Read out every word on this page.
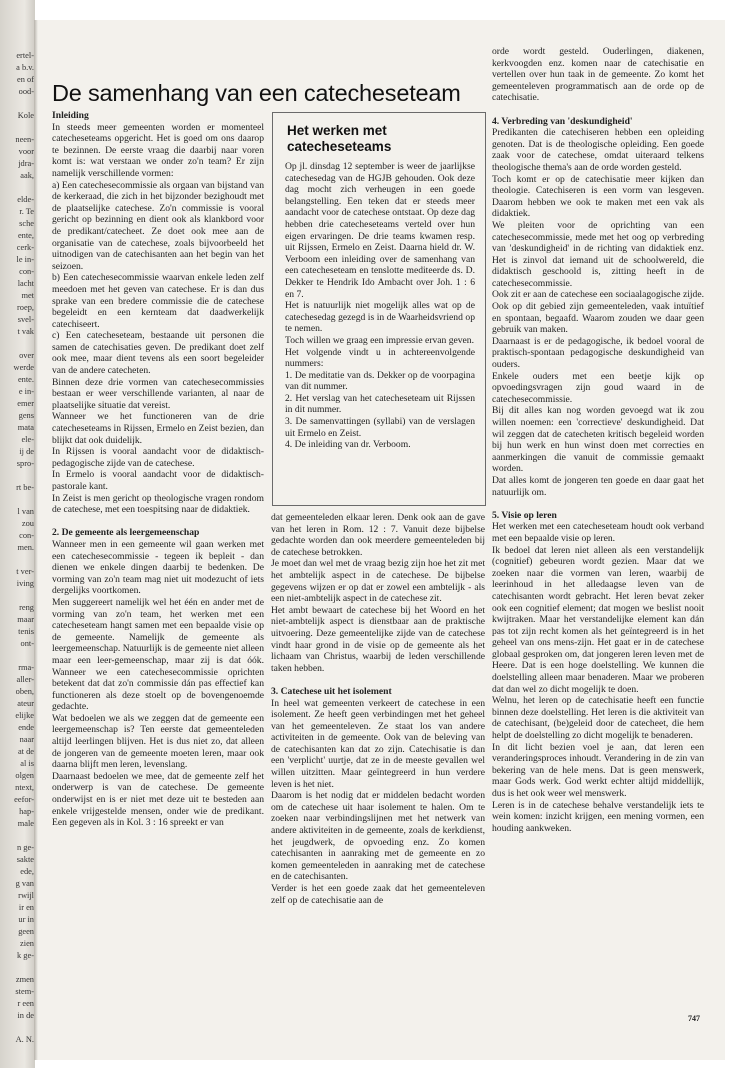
ertel-
a b.v.
en of
ood-
Kole
neen-
voor
jdra-
aak,
elde-
r. Te
sche
ente,
cerk-
le in-
con-
lacht
met
roep,
svel-
t vak
over
werde
ente.
e in-
emer
gens
mata
ele-
ij de
spro-
rt be-
l van
zou
con-
men.
t ver-
iving
reng
maar
tenis
ont-
rma-
aller-
oben,
ateur
elijke
ende
naar
at de
al is
olgen
ntext,
eefor-
hap-
male
n ge-
sakte
ede,
g van
rwijl
ir en
ur in
geen
zien
k ge-
zmen
stem-
r een
in de
A. N.
De samenhang van een catecheseteam
Inleiding

In steeds meer gemeenten worden er momenteel catecheseteams opgericht. Het is goed om ons daarop te bezinnen. De eerste vraag die daarbij naar voren komt is: wat verstaan we onder zo'n team? Er zijn namelijk verschillende vormen:

a) Een catechesecommissie als orgaan van bijstand van de kerkeraad, die zich in het bijzonder bezighoudt met de plaatselijke catechese. Zo'n commissie is vooral gericht op bezinning en dient ook als klankbord voor de predikant/catecheet. Ze doet ook mee aan de organisatie van de catechese, zoals bijvoorbeeld het uitnodigen van de catechisanten aan het begin van het seizoen.

b) Een catechesecommissie waarvan enkele leden zelf meedoen met het geven van catechese. Er is dan dus sprake van een bredere commissie die de catechese begeleidt en een kernteam dat daadwerkelijk catechiseert.

c) Een catecheseteam, bestaande uit personen die samen de catechisaties geven. De predikant doet zelf ook mee, maar dient tevens als een soort begeleider van de andere catecheten.

Binnen deze drie vormen van catechesecommissies bestaan er weer verschillende varianten, al naar de plaatselijke situatie dat vereist.

Wanneer we het functioneren van de drie catecheseteams in Rijssen, Ermelo en Zeist bezien, dan blijkt dat ook duidelijk.

In Rijssen is vooral aandacht voor de didaktisch-pedagogische zijde van de catechese.

In Ermelo is vooral aandacht voor de didaktisch-pastorale kant.

In Zeist is men gericht op theologische vragen rondom de catechese, met een toespitsing naar de didaktiek.

2. De gemeente als leergemeenschap

Wanneer men in een gemeente wil gaan werken met een catechesecommissie - tegeen ik bepleit - dan dienen we enkele dingen daarbij te bedenken. De vorming van zo'n team mag niet uit modezucht of iets dergelijks voortkomen.

Men suggereert namelijk wel het één en ander met de vorming van zo'n team, het werken met een catecheseteam hangt samen met een bepaalde visie op de gemeente. Namelijk de gemeente als leergemeenschap. Natuurlijk is de gemeente niet alleen maar een leer-gemeenschap, maar zij is dat óók. Wanneer we een catechesecommissie oprichten betekent dat dat zo'n commissie dán pas effectief kan functioneren als deze stoelt op de bovengenoemde gedachte.

Wat bedoelen we als we zeggen dat de gemeente een leergemeenschap is? Ten eerste dat gemeenteleden altijd leerlingen blijven. Het is dus niet zo, dat alleen de jongeren van de gemeente moeten leren, maar ook daarna blijft men leren, levenslang.

Daarnaast bedoelen we mee, dat de gemeente zelf het onderwerp is van de catechese. De gemeente onderwijst en is er niet met deze uit te besteden aan enkele vrijgestelde mensen, onder wie de predikant. Een gegeven als in Kol. 3 : 16 spreekt er van

Het werken met catecheseteams

Op jl. dinsdag 12 september is weer de jaarlijkse catechesedag van de HGJB gehouden. Ook deze dag mocht zich verheugen in een goede belangstelling. Een teken dat er steeds meer aandacht voor de catechese ontstaat. Op deze dag hebben drie catecheseteams verteld over hun eigen ervaringen. De drie teams kwamen resp. uit Rijssen, Ermelo en Zeist. Daarna hield dr. W. Verboom een inleiding over de samenhang van een catecheseteam en tenslotte mediteerde ds. D. Dekker te Hendrik Ido Ambacht over Joh. 1 : 6 en 7.

Het is natuurlijk niet mogelijk alles wat op de catechesedag gezegd is in de Waarheidsvriend op te nemen.

Toch willen we graag een impressie ervan geven.

Het volgende vindt u in achtereenvolgende nummers:

1. De meditatie van ds. Dekker op de voorpagina van dit nummer.

2. Het verslag van het catecheseteam uit Rijssen in dit nummer.

3. De samenvattingen (syllabi) van de verslagen uit Ermelo en Zeist.

4. De inleiding van dr. Verboom.

dat gemeenteleden elkaar leren. Denk ook aan de gave van het leren in Rom. 12 : 7. Vanuit deze bijbelse gedachte worden dan ook meerdere gemeenteleden bij de catechese betrokken.

Je moet dan wel met de vraag bezig zijn hoe het zit met het ambtelijk aspect in de catechese. De bijbelse gegevens wijzen er op dat er zowel een ambtelijk - als een niet-ambtelijk aspect in de catechese zit.

Het ambt bewaart de catechese bij het Woord en het niet-ambtelijk aspect is dienstbaar aan de praktische uitvoering. Deze gemeentelijke zijde van de catechese vindt haar grond in de visie op de gemeente als het lichaam van Christus, waarbij de leden verschillende taken hebben.

3. Catechese uit het isolement

In heel wat gemeenten verkeert de catechese in een isolement. Ze heeft geen verbindingen met het geheel van het gemeenteleven. Ze staat los van andere activiteiten in de gemeente. Ook van de beleving van de catechisanten kan dat zo zijn. Catechisatie is dan een 'verplicht' uurtje, dat ze in de meeste gevallen wel willen uitzitten. Maar geïntegreerd in hun verdere leven is het niet.

Daarom is het nodig dat er middelen bedacht worden om de catechese uit haar isolement te halen. Om te zoeken naar verbindingslijnen met het netwerk van andere aktiviteiten in de gemeente, zoals de kerkdienst, het jeugdwerk, de opvoeding enz. Zo komen catechisanten in aanraking met de gemeente en zo komen gemeenteleden in aanraking met de catechese en de catechisanten.

Verder is het een goede zaak dat het gemeenteleven zelf op de catechisatie aan de

orde wordt gesteld. Ouderlingen, diakenen, kerkvoogden enz. komen naar de catechisatie en vertellen over hun taak in de gemeente. Zo komt het gemeenteleven programmatisch aan de orde op de catechisatie.

4. Verbreding van 'deskundigheid'

Predikanten die catechiseren hebben een opleiding genoten. Dat is de theologische opleiding. Een goede zaak voor de catechese, omdat uiteraard telkens theologische thema's aan de orde worden gesteld.

Toch komt er op de catechisatie meer kijken dan theologie. Catechiseren is een vorm van lesgeven. Daarom hebben we ook te maken met een vak als didaktiek.

We pleiten voor de oprichting van een catechesecommissie, mede met het oog op verbreding van 'deskundigheid' in de richting van didaktiek enz. Het is zinvol dat iemand uit de schoolwereld, die didaktisch geschoold is, zitting heeft in de catechesecommissie.

Ook zit er aan de catechese een sociaalagogische zijde. Ook op dit gebied zijn gemeenteleden, vaak intuïtief en spontaan, begaafd. Waarom zouden we daar geen gebruik van maken.

Daarnaast is er de pedagogische, ik bedoel vooral de praktisch-spontaan pedagogische deskundigheid van ouders.

Enkele ouders met een beetje kijk op opvoedingsvragen zijn goud waard in de catechesecommissie.

Bij dit alles kan nog worden gevoegd wat ik zou willen noemen: een 'correctieve' deskundigheid. Dat wil zeggen dat de catecheten kritisch begeleid worden bij hun werk en hun winst doen met correcties en aanmerkingen die vanuit de commissie gemaakt worden.

Dat alles komt de jongeren ten goede en daar gaat het natuurlijk om.

5. Visie op leren

Het werken met een catecheseteam houdt ook verband met een bepaalde visie op leren.

Ik bedoel dat leren niet alleen als een verstandelijk (cognitief) gebeuren wordt gezien. Maar dat we zoeken naar die vormen van leren, waarbij de leerinhoud in het alledaagse leven van de catechisanten wordt gebracht. Het leren bevat zeker ook een cognitief element; dat mogen we beslist nooit kwijtraken. Maar het verstandelijke element kan dán pas tot zijn recht komen als het geïntegreerd is in het geheel van ons mens-zijn. Het gaat er in de catechese globaal gesproken om, dat jongeren leren leven met de Heere. Dat is een hoge doelstelling. We kunnen die doelstelling alleen maar benaderen. Maar we proberen dat dan wel zo dicht mogelijk te doen.

Welnu, het leren op de catechisatie heeft een functie binnen deze doelstelling. Het leren is die aktiviteit van de catechisant, (be)geleid door de catecheet, die hem helpt de doelstelling zo dicht mogelijk te benaderen.

In dit licht bezien voel je aan, dat leren een veranderingsproces inhoudt. Verandering in de zin van bekering van de hele mens. Dat is geen menswerk, maar Gods werk. God werkt echter altijd middellijk, dus is het ook weer wel menswerk.

Leren is in de catechese behalve verstandelijk iets te wein komen: inzicht krijgen, een mening vormen, een houding aankweken.

747
